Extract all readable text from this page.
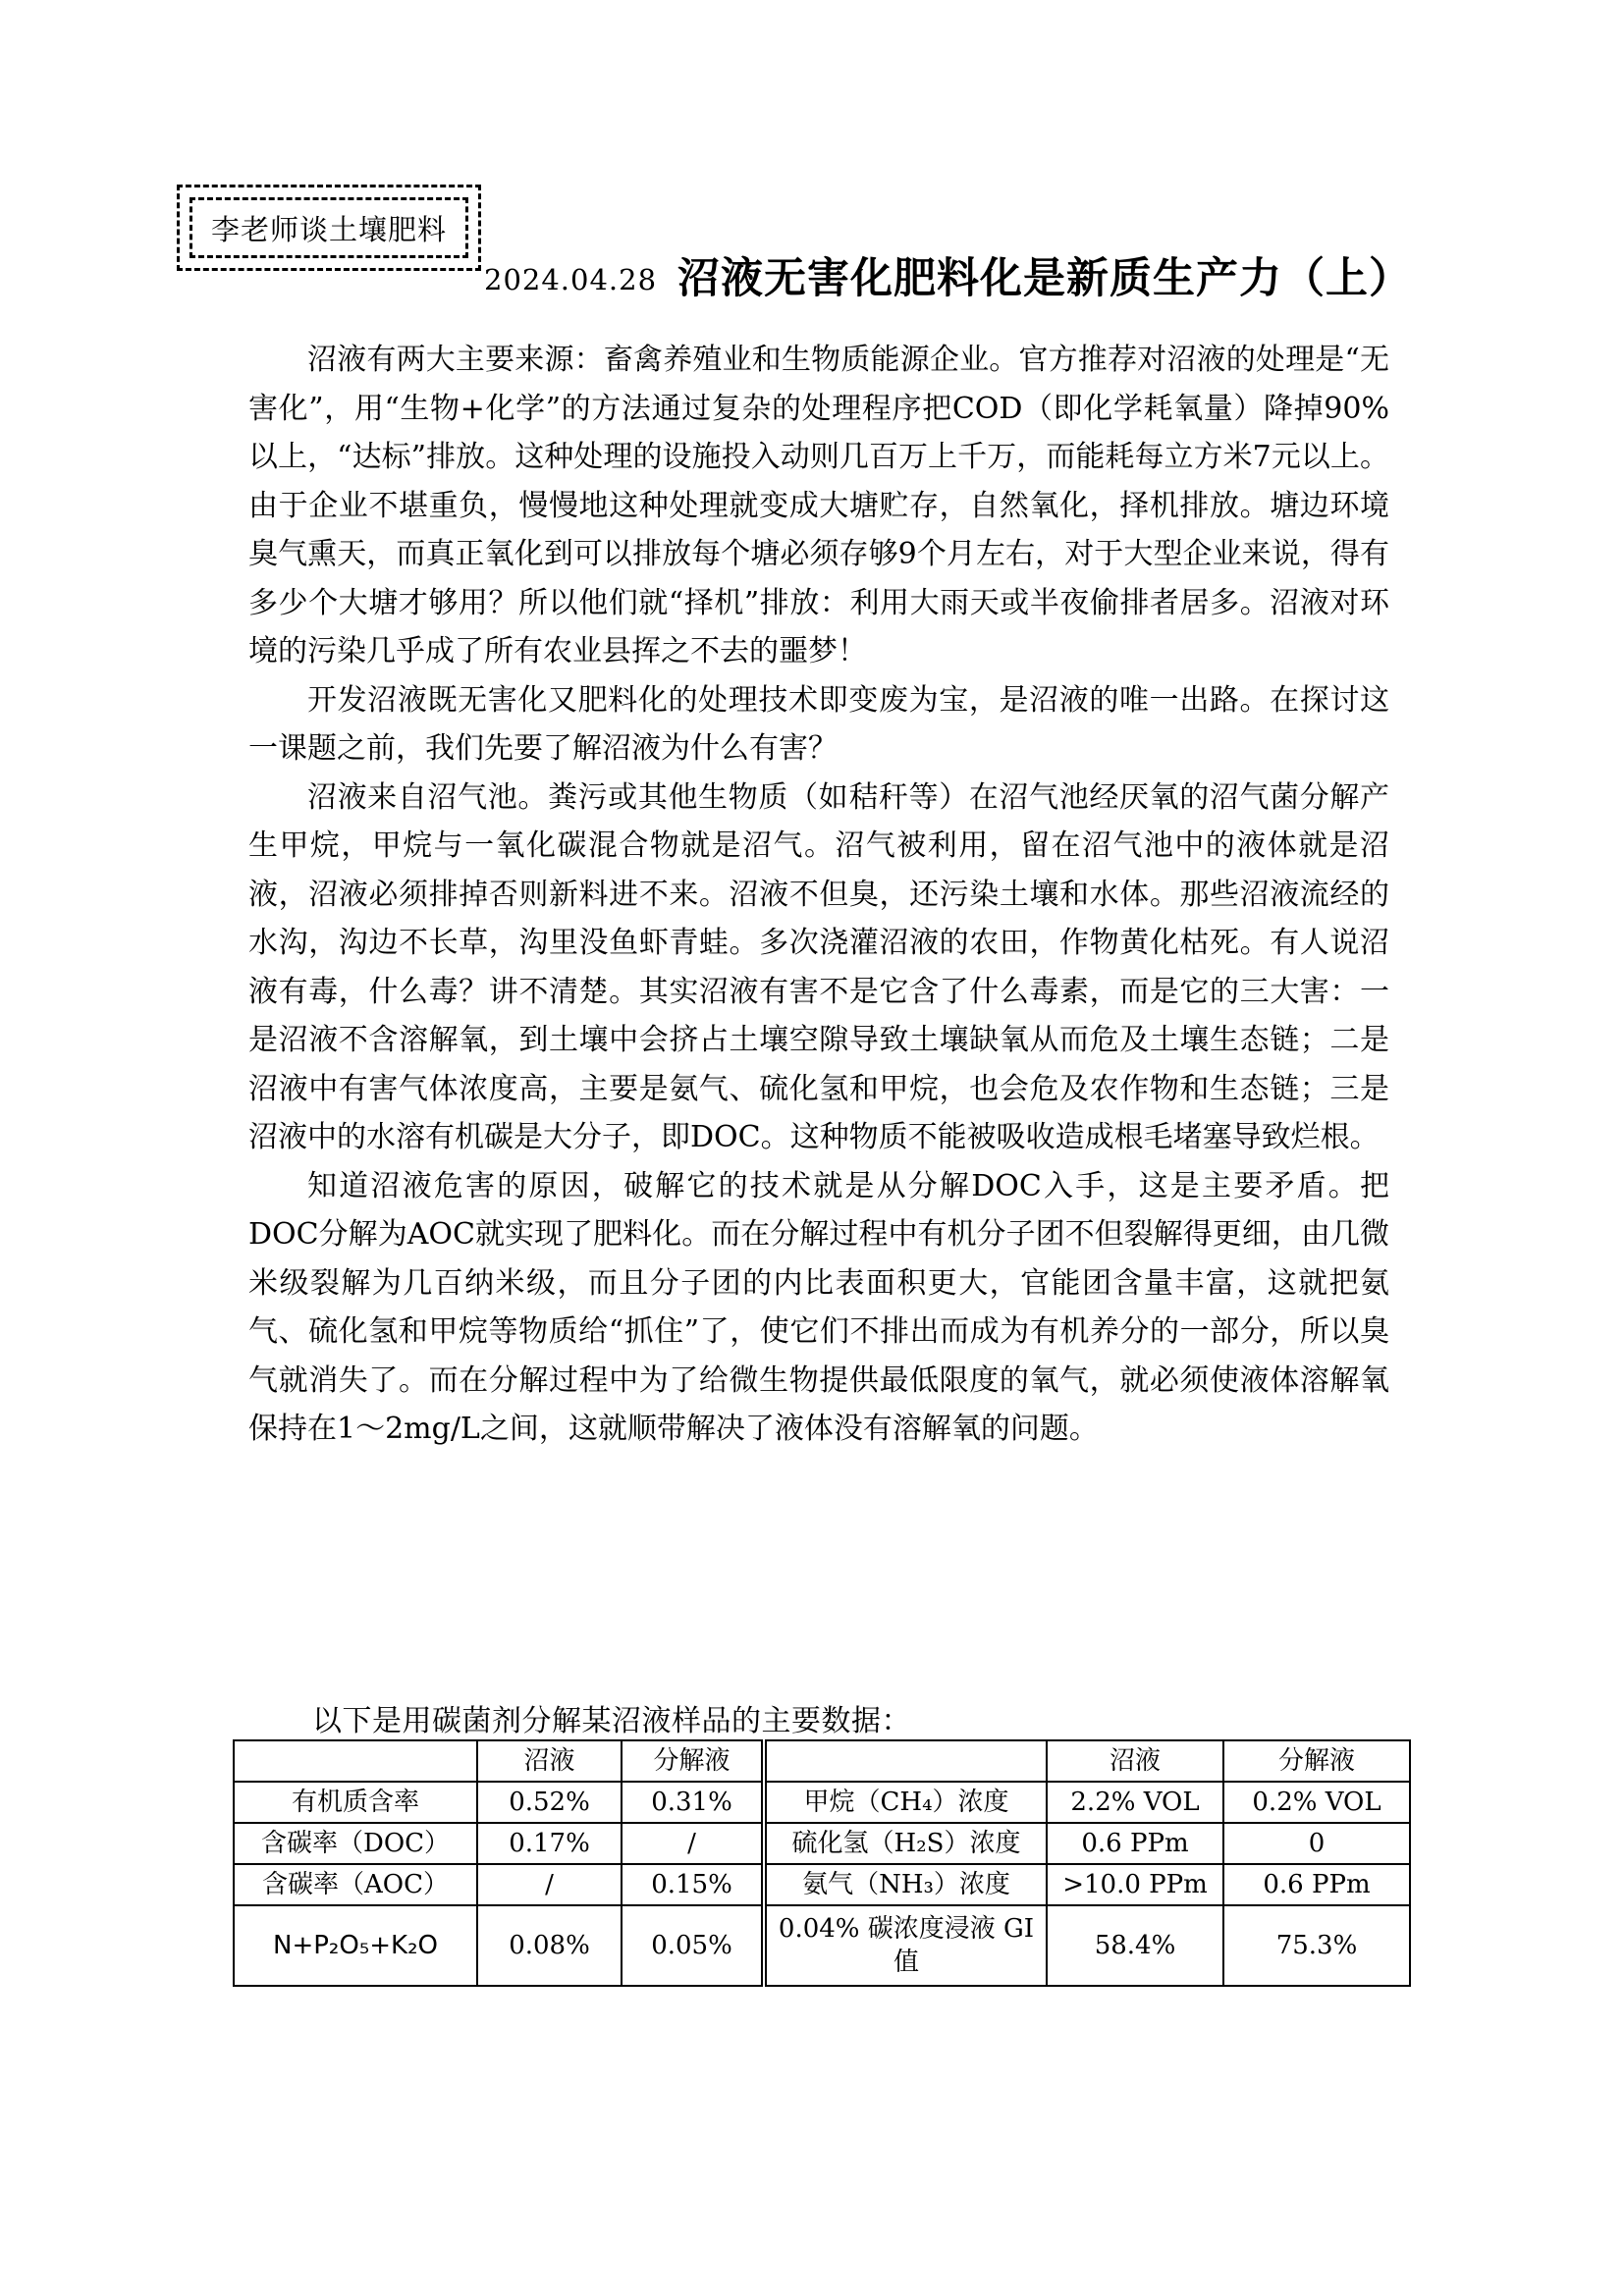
李老师谈土壤肥料
2024.04.28 沼液无害化肥料化是新质生产力（上）

沼液有两大主要来源：畜禽养殖业和生物质能源企业。官方推荐对沼液的处理是“无害化”，用“生物+化学”的方法通过复杂的处理程序把COD（即化学耗氧量）降掉90%以上，“达标”排放。这种处理的设施投入动则几百万上千万，而能耗每立方米7元以上。由于企业不堪重负，慢慢地这种处理就变成大塘贮存，自然氧化，择机排放。塘边环境臭气熏天，而真正氧化到可以排放每个塘必须存够9个月左右，对于大型企业来说，得有多少个大塘才够用？所以他们就“择机”排放：利用大雨天或半夜偷排者居多。沼液对环境的污染几乎成了所有农业县挥之不去的噩梦！

开发沼液既无害化又肥料化的处理技术即变废为宝，是沼液的唯一出路。在探讨这一课题之前，我们先要了解沼液为什么有害？

沼液来自沼气池。粪污或其他生物质（如秸秆等）在沼气池经厌氧的沼气菌分解产生甲烷，甲烷与一氧化碳混合物就是沼气。沼气被利用，留在沼气池中的液体就是沼液，沼液必须排掉否则新料进不来。沼液不但臭，还污染土壤和水体。那些沼液流经的水沟，沟边不长草，沟里没鱼虾青蛙。多次浇灌沼液的农田，作物黄化枯死。有人说沼液有毒，什么毒？讲不清楚。其实沼液有害不是它含了什么毒素，而是它的三大害：一是沼液不含溶解氧，到土壤中会挤占土壤空隙导致土壤缺氧从而危及土壤生态链；二是沼液中有害气体浓度高，主要是氨气、硫化氢和甲烷，也会危及农作物和生态链；三是沼液中的水溶有机碳是大分子，即DOC。这种物质不能被吸收造成根毛堵塞导致烂根。

知道沼液危害的原因，破解它的技术就是从分解DOC入手，这是主要矛盾。把DOC分解为AOC就实现了肥料化。而在分解过程中有机分子团不但裂解得更细，由几微米级裂解为几百纳米级，而且分子团的内比表面积更大，官能团含量丰富，这就把氨气、硫化氢和甲烷等物质给“抓住”了，使它们不排出而成为有机养分的一部分，所以臭气就消失了。而在分解过程中为了给微生物提供最低限度的氧气，就必须使液体溶解氧保持在1～2mg/L之间，这就顺带解决了液体没有溶解氧的问题。

以下是用碳菌剂分解某沼液样品的主要数据：
	沼液	分解液		沼液	分解液
有机质含率	0.52%	0.31%	甲烷（CH₄）浓度	2.2% VOL	0.2% VOL
含碳率（DOC）	0.17%	/	硫化氢（H₂S）浓度	0.6 PPm	0
含碳率（AOC）	/	0.15%	氨气（NH₃）浓度	>10.0 PPm	0.6 PPm
N+P₂O₅+K₂O	0.08%	0.05%	0.04% 碳浓度浸液 GI值	58.4%	75.3%
